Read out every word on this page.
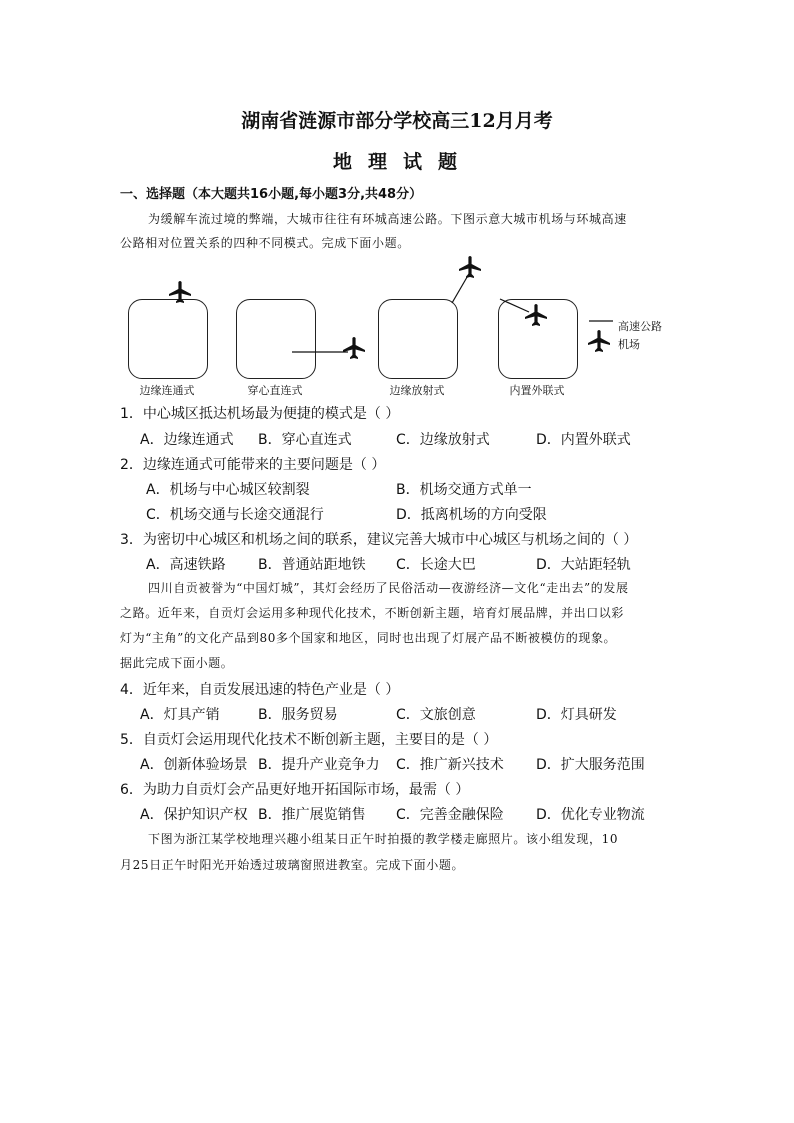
湖南省涟源市部分学校高三12月月考
地理试题
一、选择题（本大题共16小题,每小题3分,共48分）
为缓解车流过境的弊端，大城市往往有环城高速公路。下图示意大城市机场与环城高速
公路相对位置关系的四种不同模式。完成下面小题。
高速公路
机场
边缘连通式	穿心直连式	边缘放射式	内置外联式
1．中心城区抵达机场最为便捷的模式是（ ）
A．边缘连通式 B．穿心直连式	C．边缘放射式	D．内置外联式
2．边缘连通式可能带来的主要问题是（ ）
A．机场与中心城区较割裂	B．机场交通方式单一
C．机场交通与长途交通混行	D．抵离机场的方向受限
3．为密切中心城区和机场之间的联系，建议完善大城市中心城区与机场之间的（ ）
A．高速铁路 B．普通站距地铁 C．长途大巴	D．大站距轻轨
四川自贡被誉为“中国灯城”，其灯会经历了民俗活动—夜游经济—文化“走出去”的发展
之路。近年来，自贡灯会运用多种现代化技术，不断创新主题，培育灯展品牌，并出口以彩
灯为“主角”的文化产品到80多个国家和地区，同时也出现了灯展产品不断被模仿的现象。
据此完成下面小题。
4．近年来，自贡发展迅速的特色产业是（ ）
A．灯具产销	B．服务贸易	C．文旅创意	D．灯具研发
5．自贡灯会运用现代化技术不断创新主题，主要目的是（ ）
A．创新体验场景 B．提升产业竞争力 C．推广新兴技术 D．扩大服务范围
6．为助力自贡灯会产品更好地开拓国际市场，最需（ ）
A．保护知识产权 B．推广展览销售 C．完善金融保险 D．优化专业物流
下图为浙江某学校地理兴趣小组某日正午时拍摄的教学楼走廊照片。该小组发现，10
月25日正午时阳光开始透过玻璃窗照进教室。完成下面小题。
